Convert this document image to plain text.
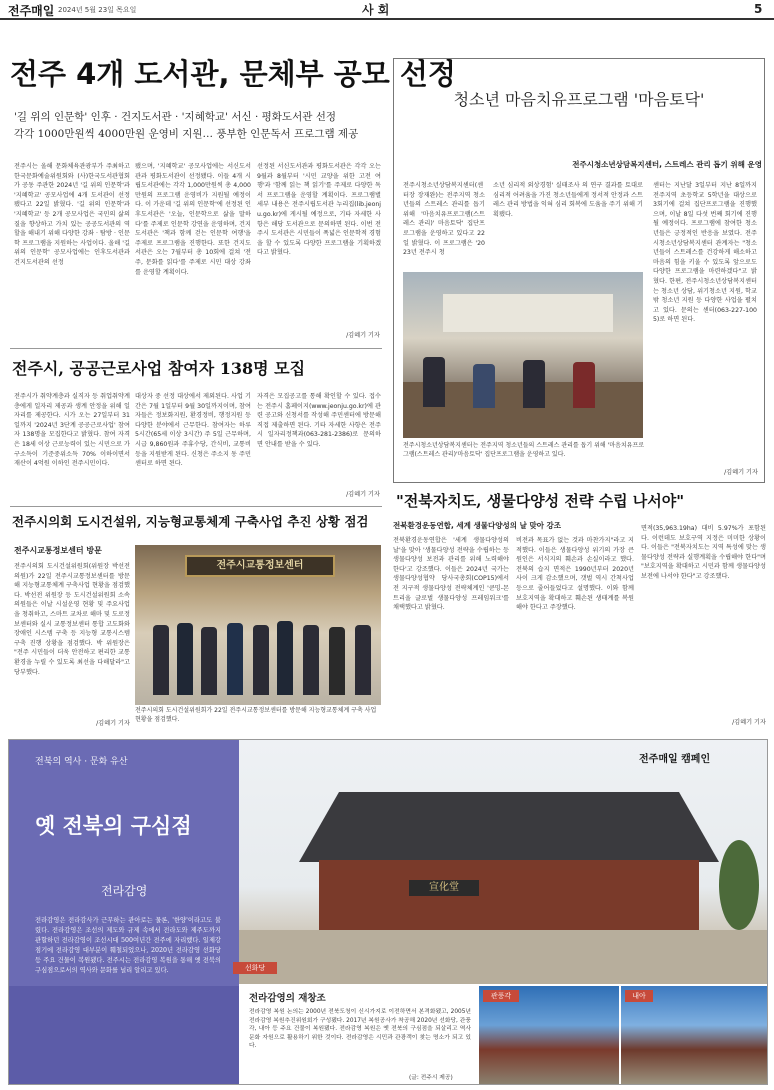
전주매일 2024년 5월 23일 목요일	사 회	5
전주 4개 도서관, 문체부 공모 선정
'길 위의 인문학' 인후 · 건지도서관 · '지혜학교' 서신 · 평화도서관 선정
각각 1000만원씩 4000만원 운영비 지원… 풍부한 인문독서 프로그램 제공
전주시는 올해 문화체육관광부가 주최하고 한국문화예술위원회와 (사)한국도서관협회가 공동 주관한 2024년 '길 위의 인문학'과 '지혜학교' 공모사업에 4개 도서관이 선정됐다고 22일 밝혔다. '길 위의 인문학'과 '지혜학교' 등 2개 공모사업은 국민의 삶의 질을 향상하고 가치 있는 공공도서관의 역할을 해내기 위해 다양한 강좌 · 탐방 · 인문학 프로그램을 지원하는 사업이다. 올해 '길 위의 인문학' 공모사업에는 인후도서관과 건지도서관의 선정
됐으며, '지혜학교' 공모사업에는 서신도서관과 평화도서관이 선정됐다. 이들 4개 시립도서관에는 각각 1,000만원씩 총 4,000만원의 프로그램 운영비가 지원될 예정이다. 이 가운데 '길 위의 인문학'에 선정된 인후도서관은 '오늘, 인문학으로 삶을 말하다'를 주제로 인문학 강연을 운영하며, 건지도서관은 '책과 함께 걷는 인문학 여행'을 주제로 프로그램을 진행한다. 또한 건지도서관은 오는 7월부터 총 10회에 걸쳐 '전주, 문화를 읽다'를 주제로 시민 대상 강좌를 운영할 계획이다.
선정된 서신도서관과 평화도서관은 각각 오는 9월과 8월부터 '시민 교양을 위한 고전 여행'과 '함께 읽는 책 읽기'를 주제로 다양한 독서 프로그램을 운영할 계획이다. 프로그램별 세부 내용은 전주시립도서관 누리집(lib.jeonju.go.kr)에 게시될 예정으로, 기타 자세한 사항은 해당 도서관으로 문의하면 된다. 이번 전주시 도서관은 시민들이 폭넓은 인문학적 경험을 할 수 있도록 다양한 프로그램을 기획하겠다고 밝혔다.
/김혜기 기자
청소년 마음치유프로그램 '마음토닥'
전주시청소년상담복지센터, 스트레스 관리 돕기 위해 운영
전주시청소년상담복지센터(센터장 장재완)는 전주지역 청소년들의 스트레스 관리를 돕기 위해 '마음치유프로그램(스트레스 관리)' 마음토닥' 집단프로그램을 운영하고 있다고 22일 밝혔다. 이 프로그램은 '2023년 전주시 청
소년 심리적 외상경험' 실태조사 의 연구 결과를 토대로 심리적 어려움을 가진 청소년들에게 정서적 안정과 스트레스 관리 방법을 익혀 심리 회복에 도움을 주기 위해 기획됐다.
센터는 지난달 3일부터 지난 8일까지 전주지역 초등학교 5학년을 대상으로 3회기에 걸쳐 집단프로그램을 진행했으며, 이날 8일 다섯 번째 회기에 진행될 예정이다. 프로그램에 참여한 청소년들은 긍정적인 반응을 보였다. 전주시청소년상담복지센터 관계자는 "청소년들이 스트레스를 건강하게 해소하고 마음의 힘을 키울 수 있도록 앞으로도 다양한 프로그램을 마련하겠다"고 밝혔다. 한편, 전주시청소년상담복지센터는 청소년 상담, 위기청소년 지원, 학교밖 청소년 지원 등 다양한 사업을 펼치고 있다. 문의는 센터(063-227-1005)로 하면 된다.
전주시청소년상담복지센터는 전주지역 청소년들의 스트레스 관리를 돕기 위해 '마음치유프로그램(스트레스 관리)'마음토닥' 집단프로그램을 운영하고 있다.
/김혜기 기자
전주시, 공공근로사업 참여자 138명 모집
전주시가 취약계층과 실직자 등 취업취약계층에게 일자리 제공과 생계 안정을 위해 일자리를 제공한다. 시가 오는 27일부터 31일까지 '2024년 3단계 공공근로사업' 참여자 138명을 모집한다고 밝혔다. 참여 자격은 18세 이상 근로능력이 있는 시민으로 가구소득이 기준중위소득 70% 이하이면서 재산이 4억원 이하인 전주시민이다.
대상자 중 선정 대상에서 제외된다. 사업 기간은 7월 1일부터 9월 30일까지이며, 참여자들은 정보화지원, 환경정비, 행정지원 등 다양한 분야에서 근무한다. 참여자는 하루 5시간(65세 이상 3시간) 주 5일 근무하며, 시급 9,860원과 주휴수당, 간식비, 교통비 등을 지원받게 된다. 신청은 주소지 동 주민센터로 하면 된다.
자격은 모집공고를 통해 확인할 수 있다. 접수는 전주시 홈페이지(www.jeonju.go.kr)에 관련 공고와 신청서를 작성해 주민센터에 방문해 직접 제출하면 된다. 기타 자세한 사항은 전주시 일자리정책과(063-281-2386)로 문의하면 안내를 받을 수 있다.
/김혜기 기자
전주시의회 도시건설위, 지능형교통체계 구축사업 추진 상황 점검
전주시교통정보센터 방문
전주시의회 도시건설위원회(위원장 박선전 의원)가 22일 전주시교통정보센터를 방문해 지능형교통체계 구축사업 현황을 점검했다. 박선전 위원장 등 도시건설위원회 소속 의원들은 이날 시설운영 현황 및 주요사업을 청취하고, 스마트 교차로 해마 및 도로정보센터와 실시 교통정보센터 통합 고도화와 장애인 시스템 구축 등 지능형 교통시스템 구축 진행 상황을 점검했다. 박 위원장은 "전주 시민들이 더욱 안전하고 편리한 교통 환경을 누릴 수 있도록 최선을 다해달라"고 당부했다.
전주시교통정보센터
전주시의회 도시건설위원회가 22일 전주시교통정보센터를 방문해 지능형교통체계 구축 사업 현황을 점검했다.
/김혜기 기자
"전북자치도, 생물다양성 전략 수립 나서야"
전북환경운동연합, 세계 생물다양성의 날 맞아 강조
전북환경운동연합은 '세계 생물다양성의 날'을 맞아 '생물다양성 전략을 수립하는 등 생물다양성 보전과 관리를 위해 노력해야 한다'고 강조했다. 이들은 2024년 국가는 생물다양성협약 당사국총회(COP15)에서 전 지구적 생물다양성 전략체계인 '쿤밍-몬트리올 글로벌 생물다양성 프레임워크'를 채택했다고 밝혔다.
비전과 목표가 없는 것과 마찬가지"라고 지적했다. 이들은 생물다양성 위기의 가장 큰 원인은 서식지의 훼손과 손실이라고 했다. 전북의 습지 면적은 1990년부터 2020년 사이 크게 감소했으며, 갯벌 역시 간척사업 등으로 줄어들었다고 설명했다. 이와 함께 보호지역을 확대하고 훼손된 생태계를 복원해야 한다고 주장했다.
면적(35,963.19ha) 대비 5.97%가 포함된다. 이런데도 보호구역 지정은 미미한 상황이다. 이들은 "전북자치도는 지역 특성에 맞는 생물다양성 전략과 실행계획을 수립해야 한다"며 "보호지역을 확대하고 시민과 함께 생물다양성 보전에 나서야 한다"고 강조했다.
/김혜기 기자
전북의 역사 · 문화 유산
옛 전북의 구심점
전라감영
전라감영은 전라감사가 근무하는 관아로는 물론, '한양'이라고도 불렸다. 전라감영은 조선의 제도와 규제 속에서 전라도와 제주도까지 관할하던 전라감영이 조선시대 500여년간 전주에 자리했다. 일제강점기에 전라감영 대부분이 훼철되었으나, 2020년 전라감영 선화당 등 주요 건물이 복원됐다. 전주시는 전라감영 복원을 통해 옛 전북의 구심점으로서의 역사와 문화를 널리 알리고 있다.
전주매일 캠페인
宣化堂
선화당
전라감영의 재창조
전라감영 복원 논의는 2000년 전북도청이 신시가지로 이전하면서 본격화됐고, 2005년 전라감영 복원추진위원회가 구성됐다. 2017년 복원공사가 착공해 2020년 선화당, 관풍각, 내아 등 주요 건물이 복원됐다. 전라감영 복원은 옛 전북의 구심점을 되살리고 역사 문화 자원으로 활용하기 위한 것이다. 전라감영은 시민과 관광객이 찾는 명소가 되고 있다.
(글: 전주시 제공)
관풍각	내아
